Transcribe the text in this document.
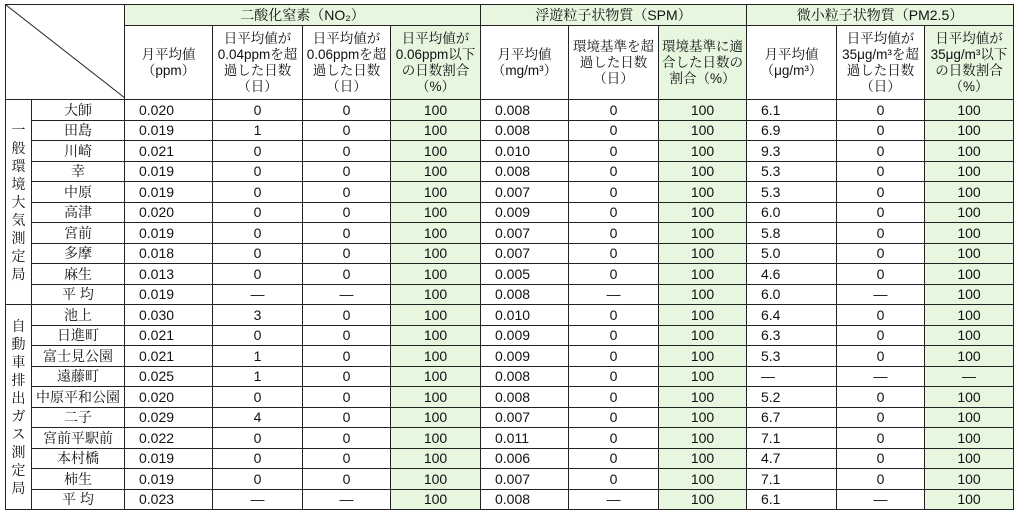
	二酸化窒素（NO₂）				浮遊粒子状物質（SPM）			微小粒子状物質（PM2.5）		
		月平均値（ppm）	日平均値が0.04ppmを超過した日数（日）	日平均値が0.06ppmを超過した日数（日）	日平均値が0.06ppm以下の日数割合（%）	月平均値（mg/m³）	環境基準を超過した日数（日）	環境基準に適合した日数の割合（%）	月平均値（μg/m³）	日平均値が35μg/m³を超過した日数（日）	日平均値が35μg/m³以下の日数割合（%）
一般環境大気測定局	大師	0.020	0	0	100	0.008	0	100	6.1	0	100
	田島	0.019	1	0	100	0.008	0	100	6.9	0	100
	川崎	0.021	0	0	100	0.010	0	100	9.3	0	100
	幸	0.019	0	0	100	0.008	0	100	5.3	0	100
	中原	0.019	0	0	100	0.007	0	100	5.3	0	100
	高津	0.020	0	0	100	0.009	0	100	6.0	0	100
	宮前	0.019	0	0	100	0.007	0	100	5.8	0	100
	多摩	0.018	0	0	100	0.007	0	100	5.0	0	100
	麻生	0.013	0	0	100	0.005	0	100	4.6	0	100
	平 均	0.019	—	—	100	0.008	—	100	6.0	—	100
自動車排出ガス測定局	池上	0.030	3	0	100	0.010	0	100	6.4	0	100
	日進町	0.021	0	0	100	0.009	0	100	6.3	0	100
	富士見公園	0.021	1	0	100	0.009	0	100	5.3	0	100
	遠藤町	0.025	1	0	100	0.008	0	100	—	—	—
	中原平和公園	0.020	0	0	100	0.008	0	100	5.2	0	100
	二子	0.029	4	0	100	0.007	0	100	6.7	0	100
	宮前平駅前	0.022	0	0	100	0.011	0	100	7.1	0	100
	本村橋	0.019	0	0	100	0.006	0	100	4.7	0	100
	柿生	0.019	0	0	100	0.007	0	100	7.1	0	100
	平 均	0.023	—	—	100	0.008	—	100	6.1	—	100
